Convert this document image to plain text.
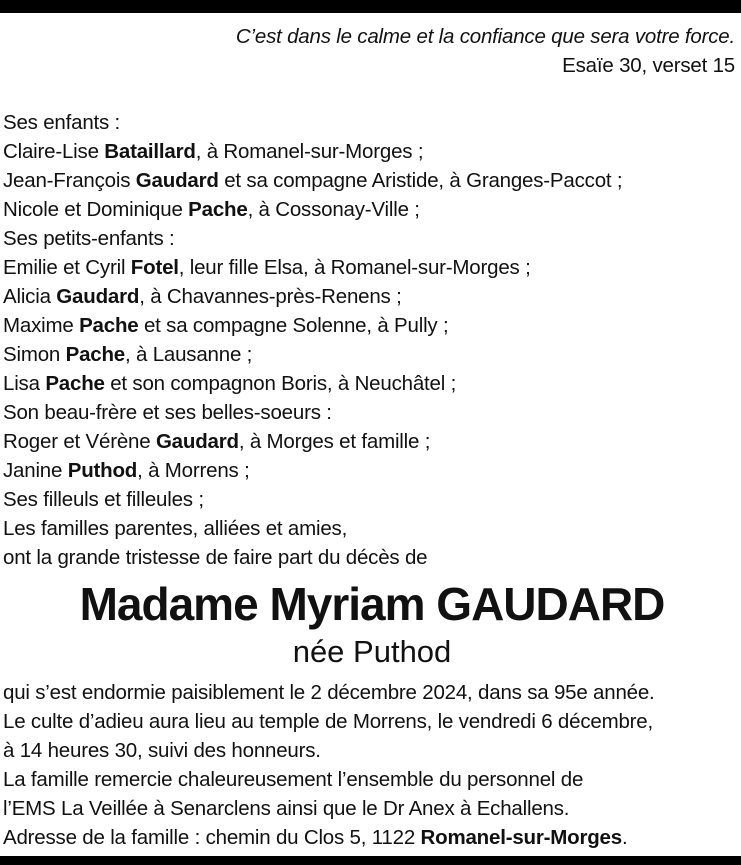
C’est dans le calme et la confiance que sera votre force.
Esaïe 30, verset 15
Ses enfants :
Claire-Lise Bataillard, à Romanel-sur-Morges ;
Jean-François Gaudard et sa compagne Aristide, à Granges-Paccot ;
Nicole et Dominique Pache, à Cossonay-Ville ;
Ses petits-enfants :
Emilie et Cyril Fotel, leur fille Elsa, à Romanel-sur-Morges ;
Alicia Gaudard, à Chavannes-près-Renens ;
Maxime Pache et sa compagne Solenne, à Pully ;
Simon Pache, à Lausanne ;
Lisa Pache et son compagnon Boris, à Neuchâtel ;
Son beau-frère et ses belles-soeurs :
Roger et Vérène Gaudard, à Morges et famille ;
Janine Puthod, à Morrens ;
Ses filleuls et filleules ;
Les familles parentes, alliées et amies,
ont la grande tristesse de faire part du décès de
Madame Myriam GAUDARD
née Puthod
qui s’est endormie paisiblement le 2 décembre 2024, dans sa 95e année.
Le culte d’adieu aura lieu au temple de Morrens, le vendredi 6 décembre,
à 14 heures 30, suivi des honneurs.
La famille remercie chaleureusement l’ensemble du personnel de
l’EMS La Veillée à Senarclens ainsi que le Dr Anex à Echallens.
Adresse de la famille : chemin du Clos 5, 1122 Romanel-sur-Morges.
